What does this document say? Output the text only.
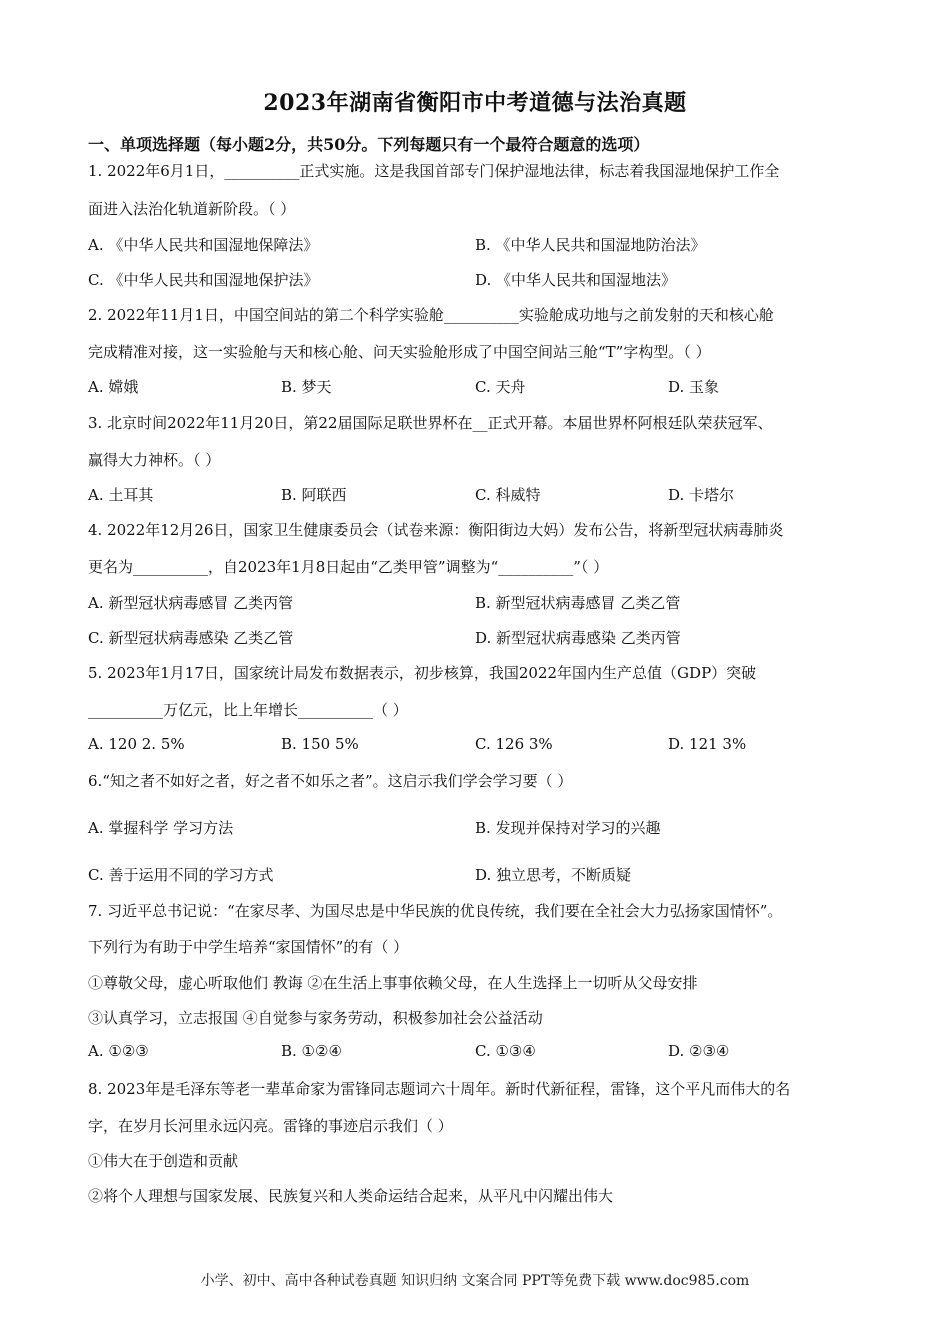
2023年湖南省衡阳市中考道德与法治真题
一、单项选择题（每小题2分，共50分。下列每题只有一个最符合题意的选项）
1. 2022年6月1日，__________正式实施。这是我国首部专门保护湿地法律，标志着我国湿地保护工作全
面进入法治化轨道新阶段。（ ）
A. 《中华人民共和国湿地保障法》	B. 《中华人民共和国湿地防治法》
C. 《中华人民共和国湿地保护法》	D. 《中华人民共和国湿地法》
2. 2022年11月1日，中国空间站的第二个科学实验舱__________实验舱成功地与之前发射的天和核心舱
完成精准对接，这一实验舱与天和核心舱、问天实验舱形成了中国空间站三舱“T”字构型。（ ）
A. 嫦娥	B. 梦天	C. 天舟	D. 玉象
3. 北京时间2022年11月20日，第22届国际足联世界杯在__正式开幕。本届世界杯阿根廷队荣获冠军、
赢得大力神杯。（ ）
A. 土耳其	B. 阿联西	C. 科威特	D. 卡塔尔
4. 2022年12月26日，国家卫生健康委员会（试卷来源：衡阳街边大妈）发布公告，将新型冠状病毒肺炎
更名为__________，自2023年1月8日起由“乙类甲管”调整为“__________”（ ）
A. 新型冠状病毒感冒 乙类丙管	B. 新型冠状病毒感冒 乙类乙管
C. 新型冠状病毒感染 乙类乙管	D. 新型冠状病毒感染 乙类丙管
5. 2023年1月17日，国家统计局发布数据表示，初步核算，我国2022年国内生产总值（GDP）突破
__________万亿元，比上年增长__________（ ）
A. 120 2. 5%	B. 150 5%	C. 126 3%	D. 121 3%
6.“知之者不如好之者，好之者不如乐之者”。这启示我们学会学习要（ ）
A. 掌握科学 学习方法	B. 发现并保持对学习的兴趣
C. 善于运用不同的学习方式	D. 独立思考，不断质疑
7. 习近平总书记说：“在家尽孝、为国尽忠是中华民族的优良传统，我们要在全社会大力弘扬家国情怀”。
下列行为有助于中学生培养“家国情怀”的有（ ）
①尊敬父母，虚心听取他们 教诲 ②在生活上事事依赖父母，在人生选择上一切听从父母安排
③认真学习，立志报国 ④自觉参与家务劳动，积极参加社会公益活动
A. ①②③	B. ①②④	C. ①③④	D. ②③④
8. 2023年是毛泽东等老一辈革命家为雷锋同志题词六十周年。新时代新征程，雷锋，这个平凡而伟大的名
字，在岁月长河里永远闪亮。雷锋的事迹启示我们（ ）
①伟大在于创造和贡献
②将个人理想与国家发展、民族复兴和人类命运结合起来，从平凡中闪耀出伟大
小学、初中、高中各种试卷真题 知识归纳 文案合同 PPT等免费下载 www.doc985.com
